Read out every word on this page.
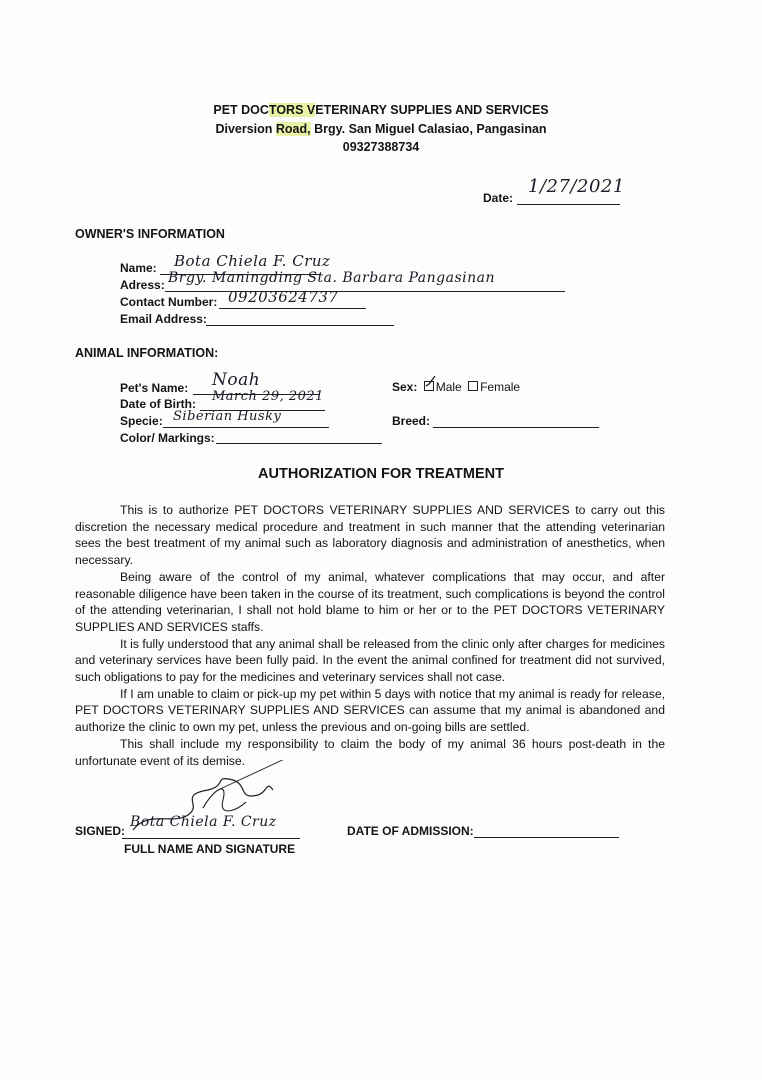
PET DOCTORS VETERINARY SUPPLIES AND SERVICES
Diversion Road, Brgy. San Miguel Calasiao, Pangasinan
09327388734
Date:
1/27/2021
OWNER'S INFORMATION
Name: Bota Chiela F. Cruz
Adress: Brgy. Maningding Sta. Barbara Pangasinan
Contact Number: 09203624737
Email Address:
ANIMAL INFORMATION:
Pet's Name: Noah
Date of Birth: March 29, 2021
Specie: Siberian Husky
Color/ Markings:
Sex: Male Female
Breed:
AUTHORIZATION FOR TREATMENT

This is to authorize PET DOCTORS VETERINARY SUPPLIES AND SERVICES to carry out this discretion the necessary medical procedure and treatment in such manner that the attending veterinarian sees the best treatment of my animal such as laboratory diagnosis and administration of anesthetics, when necessary.

Being aware of the control of my animal, whatever complications that may occur, and after reasonable diligence have been taken in the course of its treatment, such complications is beyond the control of the attending veterinarian, I shall not hold blame to him or her or to the PET DOCTORS VETERINARY SUPPLIES AND SERVICES staffs.

It is fully understood that any animal shall be released from the clinic only after charges for medicines and veterinary services have been fully paid. In the event the animal confined for treatment did not survived, such obligations to pay for the medicines and veterinary services shall not case.

If I am unable to claim or pick-up my pet within 5 days with notice that my animal is ready for release, PET DOCTORS VETERINARY SUPPLIES AND SERVICES can assume that my animal is abandoned and authorize the clinic to own my pet, unless the previous and on-going bills are settled.

This shall include my responsibility to claim the body of my animal 36 hours post-death in the unfortunate event of its demise.

SIGNED:
Bota Chiela F. Cruz
FULL NAME AND SIGNATURE
DATE OF ADMISSION:
